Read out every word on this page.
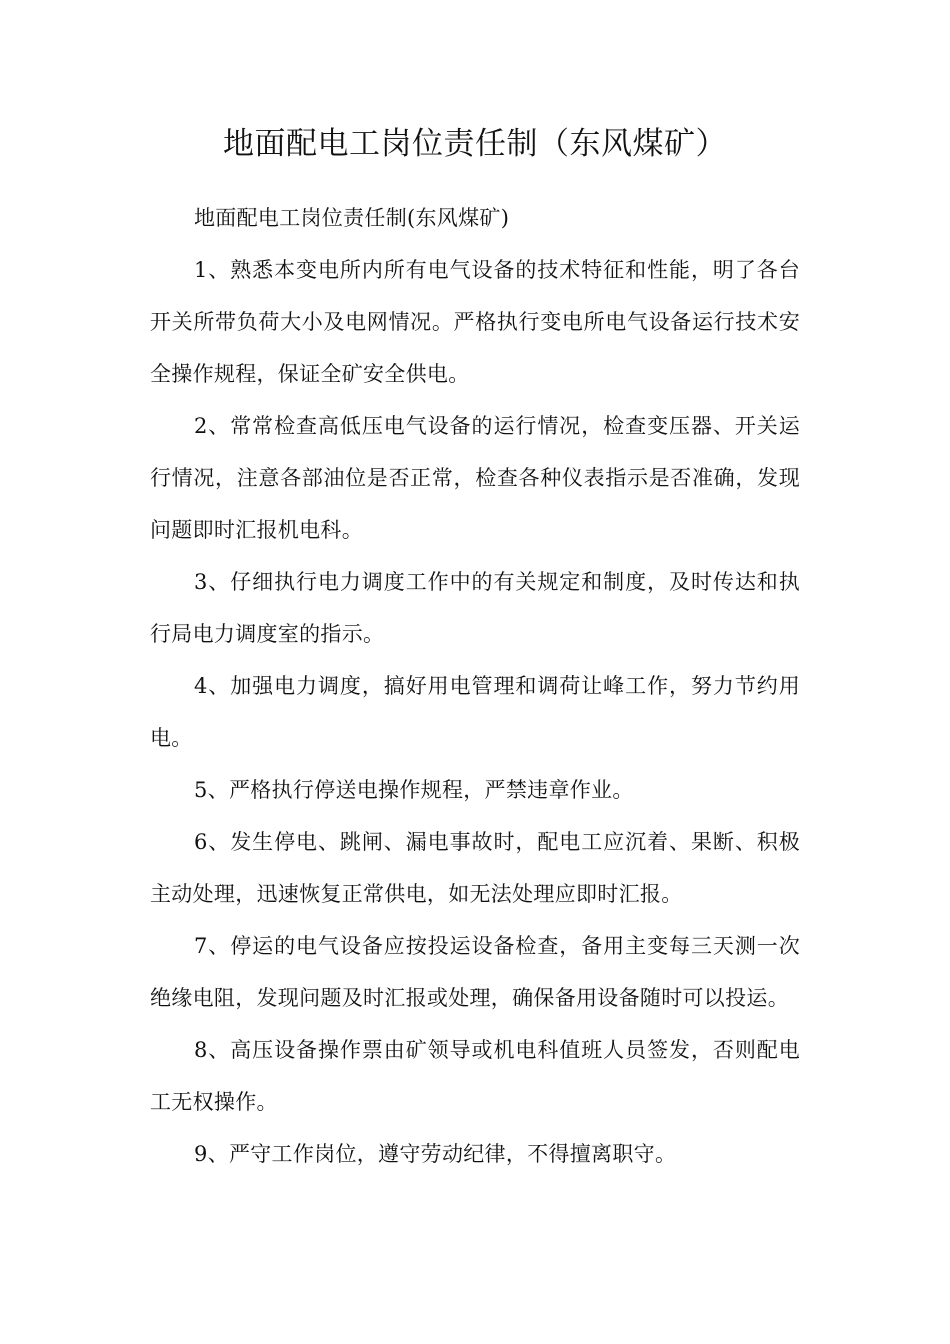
地面配电工岗位责任制（东风煤矿）

地面配电工岗位责任制(东风煤矿)

1、熟悉本变电所内所有电气设备的技术特征和性能，明了各台开关所带负荷大小及电网情况。严格执行变电所电气设备运行技术安全操作规程，保证全矿安全供电。

2、常常检查高低压电气设备的运行情况，检查变压器、开关运行情况，注意各部油位是否正常，检查各种仪表指示是否准确，发现问题即时汇报机电科。

3、仔细执行电力调度工作中的有关规定和制度，及时传达和执行局电力调度室的指示。

4、加强电力调度，搞好用电管理和调荷让峰工作，努力节约用电。

5、严格执行停送电操作规程，严禁违章作业。

6、发生停电、跳闸、漏电事故时，配电工应沉着、果断、积极主动处理，迅速恢复正常供电，如无法处理应即时汇报。

7、停运的电气设备应按投运设备检查，备用主变每三天测一次绝缘电阻，发现问题及时汇报或处理，确保备用设备随时可以投运。

8、高压设备操作票由矿领导或机电科值班人员签发，否则配电工无权操作。

9、严守工作岗位，遵守劳动纪律，不得擅离职守。
